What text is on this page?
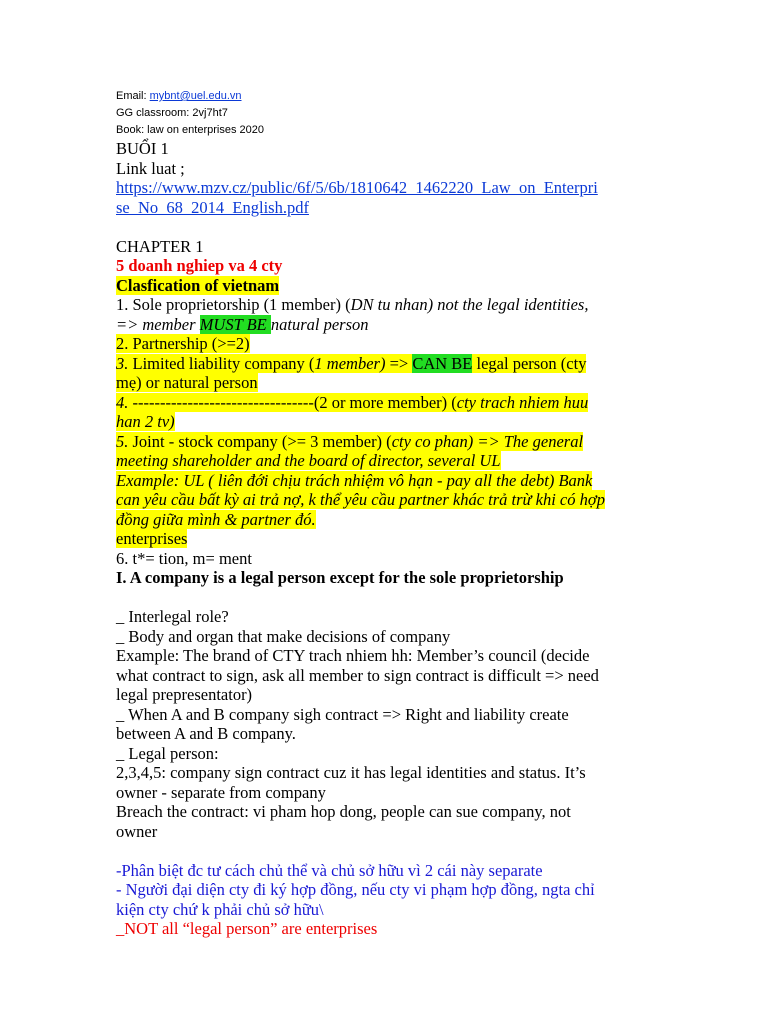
Email: mybnt@uel.edu.vn
GG classroom: 2vj7ht7
Book: law on enterprises 2020
BUỔI 1
Link luat ;
https://www.mzv.cz/public/6f/5/6b/1810642_1462220_Law_on_Enterpri
se_No_68_2014_English.pdf
CHAPTER 1
5 doanh nghiep va 4 cty
Clasfication of vietnam
1. Sole proprietorship (1 member) (DN tu nhan) not the legal identities,
=> member MUST BE natural person
2. Partnership (>=2)
3. Limited liability company (1 member) => CAN BE legal person (cty
mẹ) or natural person
4. ---------------------------------(2 or more member) (cty trach nhiem huu
han 2 tv)
5. Joint - stock company (>= 3 member) (cty co phan) => The general
meeting shareholder and the board of director, several UL
Example: UL ( liên đới chịu trách nhiệm vô hạn - pay all the debt) Bank
can yêu cầu bất kỳ ai trả nợ, k thể yêu cầu partner khác trả trừ khi có hợp
đồng giữa mình & partner đó.
enterprises
6. t*= tion, m= ment
I. A company is a legal person except for the sole proprietorship
_ Interlegal role?
_ Body and organ that make decisions of company
Example: The brand of CTY trach nhiem hh: Member’s council (decide
what contract to sign, ask all member to sign contract is difficult => need
legal prepresentator)
_ When A and B company sigh contract => Right and liability create
between A and B company.
_ Legal person:
2,3,4,5: company sign contract cuz it has legal identities and status. It’s
owner - separate from company
Breach the contract: vi pham hop dong, people can sue company, not
owner
-Phân biệt đc tư cách chủ thể và chủ sở hữu vì 2 cái này separate
- Người đại diện cty đi ký hợp đồng, nếu cty vi phạm hợp đồng, ngta chỉ
kiện cty chứ k phải chủ sở hữu\
_NOT all “legal person” are enterprises
